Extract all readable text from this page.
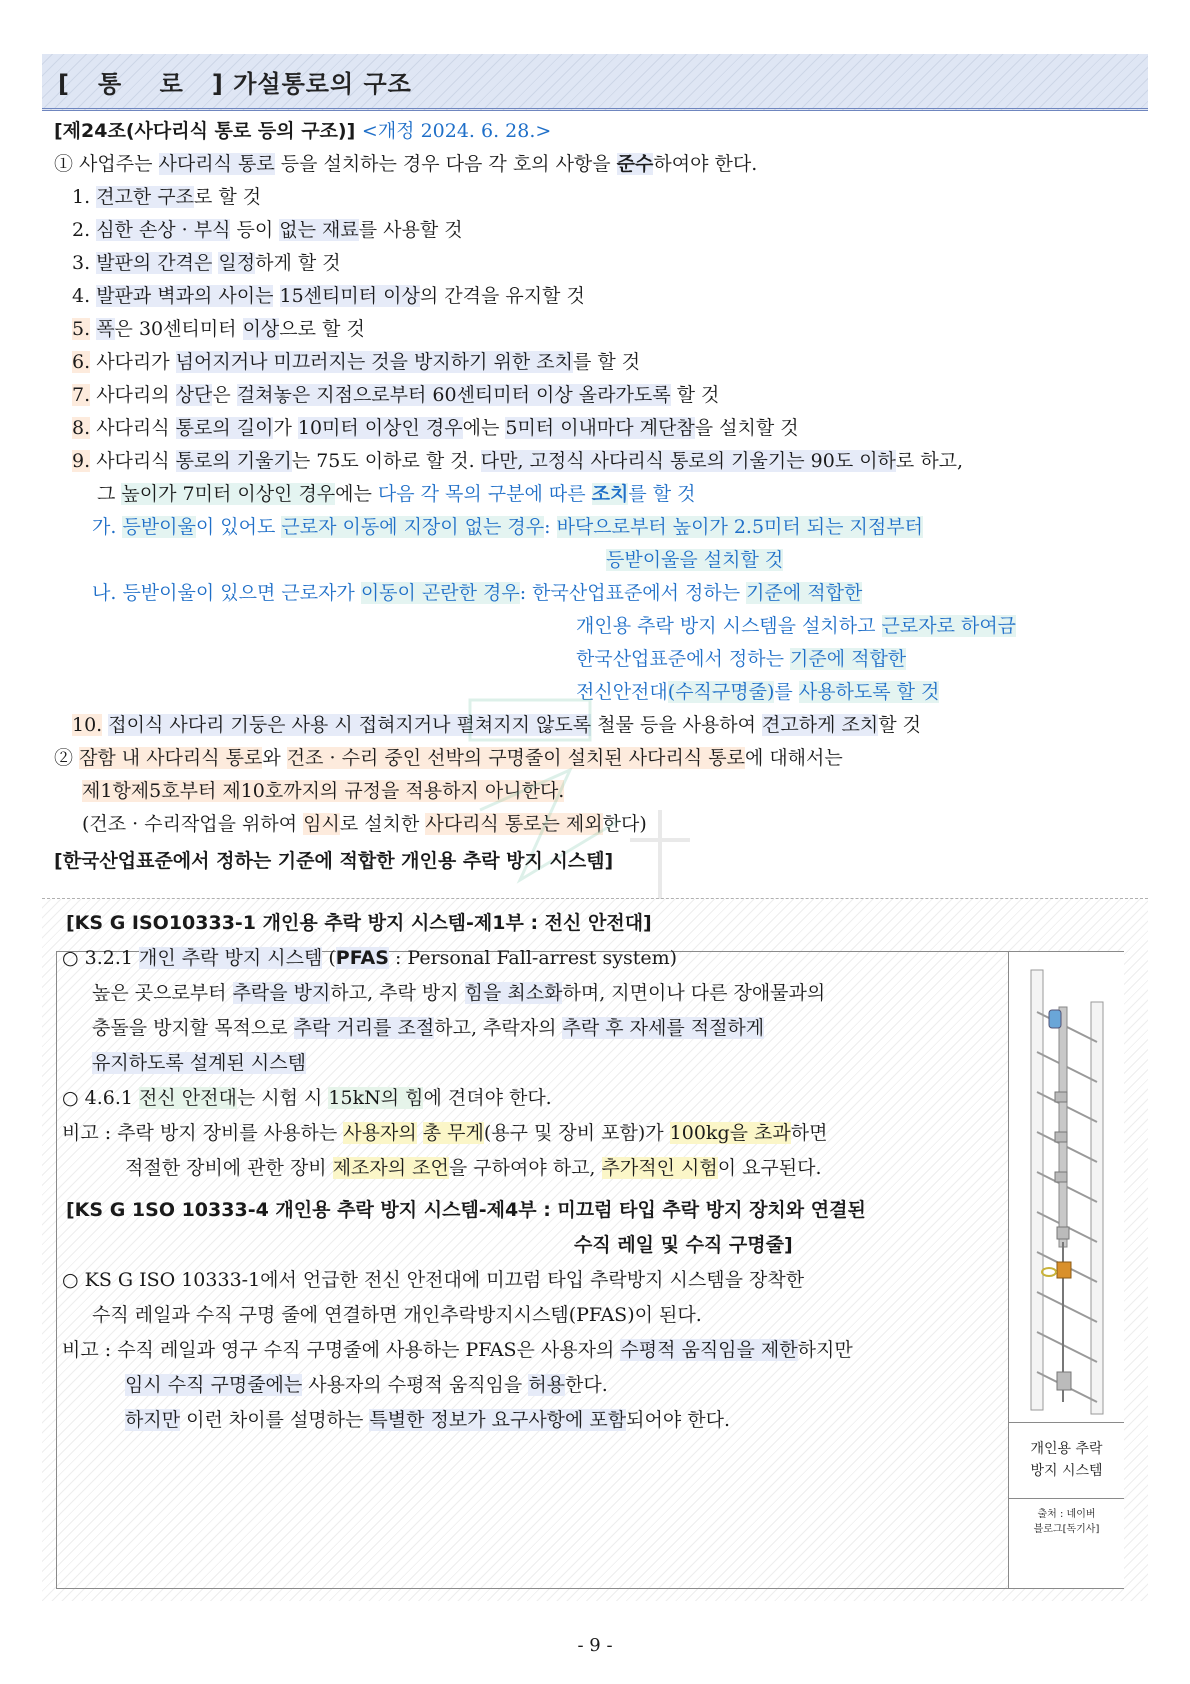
[   통    로   ] 가설통로의 구조
[제24조(사다리식 통로 등의 구조)] <개정 2024. 6. 28.>
① 사업주는 사다리식 통로 등을 설치하는 경우 다음 각 호의 사항을 준수하여야 한다.
1. 견고한 구조로 할 것
2. 심한 손상 · 부식 등이 없는 재료를 사용할 것
3. 발판의 간격은 일정하게 할 것
4. 발판과 벽과의 사이는 15센티미터 이상의 간격을 유지할 것
5. 폭은 30센티미터 이상으로 할 것
6. 사다리가 넘어지거나 미끄러지는 것을 방지하기 위한 조치를 할 것
7. 사다리의 상단은 걸쳐놓은 지점으로부터 60센티미터 이상 올라가도록 할 것
8. 사다리식 통로의 길이가 10미터 이상인 경우에는 5미터 이내마다 계단참을 설치할 것
9. 사다리식 통로의 기울기는 75도 이하로 할 것. 다만, 고정식 사다리식 통로의 기울기는 90도 이하로 하고,
그 높이가 7미터 이상인 경우에는 다음 각 목의 구분에 따른 조치를 할 것
가. 등받이울이 있어도 근로자 이동에 지장이 없는 경우: 바닥으로부터 높이가 2.5미터 되는 지점부터
등받이울을 설치할 것
나. 등받이울이 있으면 근로자가 이동이 곤란한 경우: 한국산업표준에서 정하는 기준에 적합한
개인용 추락 방지 시스템을 설치하고 근로자로 하여금
한국산업표준에서 정하는 기준에 적합한
전신안전대(수직구명줄)를 사용하도록 할 것
10. 접이식 사다리 기둥은 사용 시 접혀지거나 펼쳐지지 않도록 철물 등을 사용하여 견고하게 조치할 것
② 잠함 내 사다리식 통로와 건조 · 수리 중인 선박의 구명줄이 설치된 사다리식 통로에 대해서는
제1항제5호부터 제10호까지의 규정을 적용하지 아니한다.
(건조 · 수리작업을 위하여 임시로 설치한 사다리식 통로는 제외한다)
[한국산업표준에서 정하는 기준에 적합한 개인용 추락 방지 시스템]
개인용 추락
방지 시스템
출처 : 네이버
블로그[독기사]
[KS G ISO10333-1 개인용 추락 방지 시스템-제1부 : 전신 안전대]
○ 3.2.1 개인 추락 방지 시스템 (PFAS : Personal Fall-arrest system)
높은 곳으로부터 추락을 방지하고, 추락 방지 힘을 최소화하며, 지면이나 다른 장애물과의
충돌을 방지할 목적으로 추락 거리를 조절하고, 추락자의 추락 후 자세를 적절하게
유지하도록 설계된 시스템
○ 4.6.1 전신 안전대는 시험 시 15kN의 힘에 견뎌야 한다.
비고 : 추락 방지 장비를 사용하는 사용자의 총 무게(용구 및 장비 포함)가 100kg을 초과하면
적절한 장비에 관한 장비 제조자의 조언을 구하여야 하고, 추가적인 시험이 요구된다.
[KS G 1SO 10333-4 개인용 추락 방지 시스템-제4부 : 미끄럼 타입 추락 방지 장치와 연결된
수직 레일 및 수직 구명줄]
○ KS G ISO 10333-1에서 언급한 전신 안전대에 미끄럼 타입 추락방지 시스템을 장착한
수직 레일과 수직 구명 줄에 연결하면 개인추락방지시스템(PFAS)이 된다.
비고 : 수직 레일과 영구 수직 구명줄에 사용하는 PFAS은 사용자의 수평적 움직임을 제한하지만
임시 수직 구명줄에는 사용자의 수평적 움직임을 허용한다.
하지만 이런 차이를 설명하는 특별한 정보가 요구사항에 포함되어야 한다.
- 9 -
